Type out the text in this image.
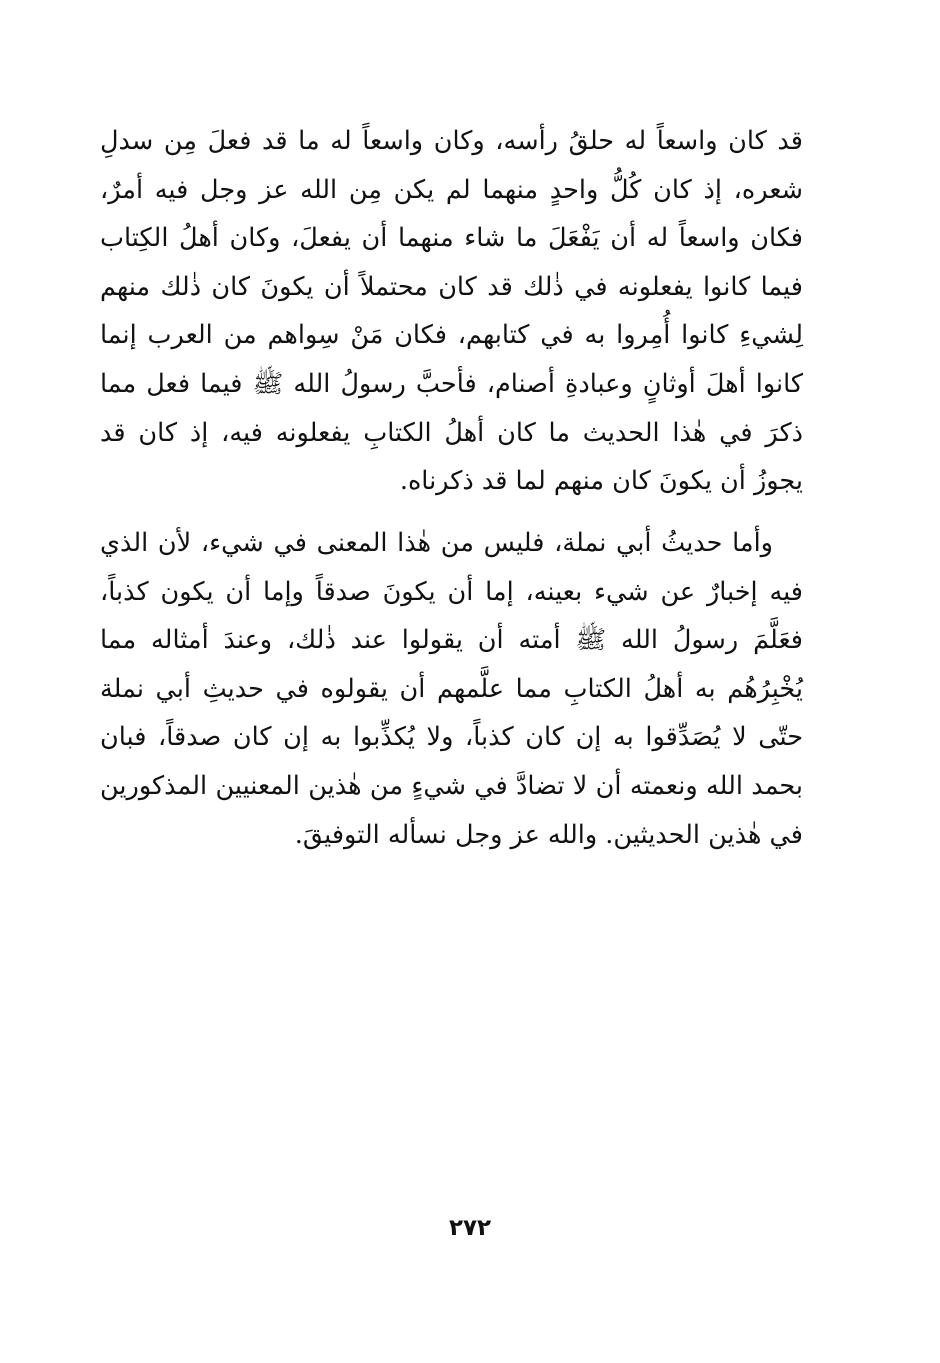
قد كان واسعاً له حلقُ رأسه، وكان واسعاً له ما قد فعلَ مِن سدلِ شعره، إذ كان كُلُّ واحدٍ منهما لم يكن مِن الله عز وجل فيه أمرٌ، فكان واسعاً له أن يَفْعَلَ ما شاء منهما أن يفعلَ، وكان أهلُ الكِتاب فيما كانوا يفعلونه في ذٰلك قد كان محتملاً أن يكونَ كان ذٰلك منهم لِشيءِ كانوا أُمِروا به في كتابهم، فكان مَنْ سِواهم من العرب إنما كانوا أهلَ أوثانٍ وعبادةِ أصنام، فأحبَّ رسولُ الله ﷺ فيما فعل مما ذكرَ في هٰذا الحديث ما كان أهلُ الكتابِ يفعلونه فيه، إذ كان قد يجوزُ أن يكونَ كان منهم لما قد ذكرناه.

وأما حديثُ أبي نملة، فليس من هٰذا المعنى في شيء، لأن الذي فيه إخبارٌ عن شيء بعينه، إما أن يكونَ صدقاً وإما أن يكون كذباً، فعَلَّمَ رسولُ الله ﷺ أمته أن يقولوا عند ذٰلك، وعندَ أمثاله مما يُخْبِرُهُم به أهلُ الكتابِ مما علَّمهم أن يقولوه في حديثِ أبي نملة حتّى لا يُصَدِّقوا به إن كان كذباً، ولا يُكذِّبوا به إن كان صدقاً، فبان بحمد الله ونعمته أن لا تضادَّ في شيءٍ من هٰذين المعنيين المذكورين في هٰذين الحديثين. والله عز وجل نسأله التوفيقَ.

٢٧٢
